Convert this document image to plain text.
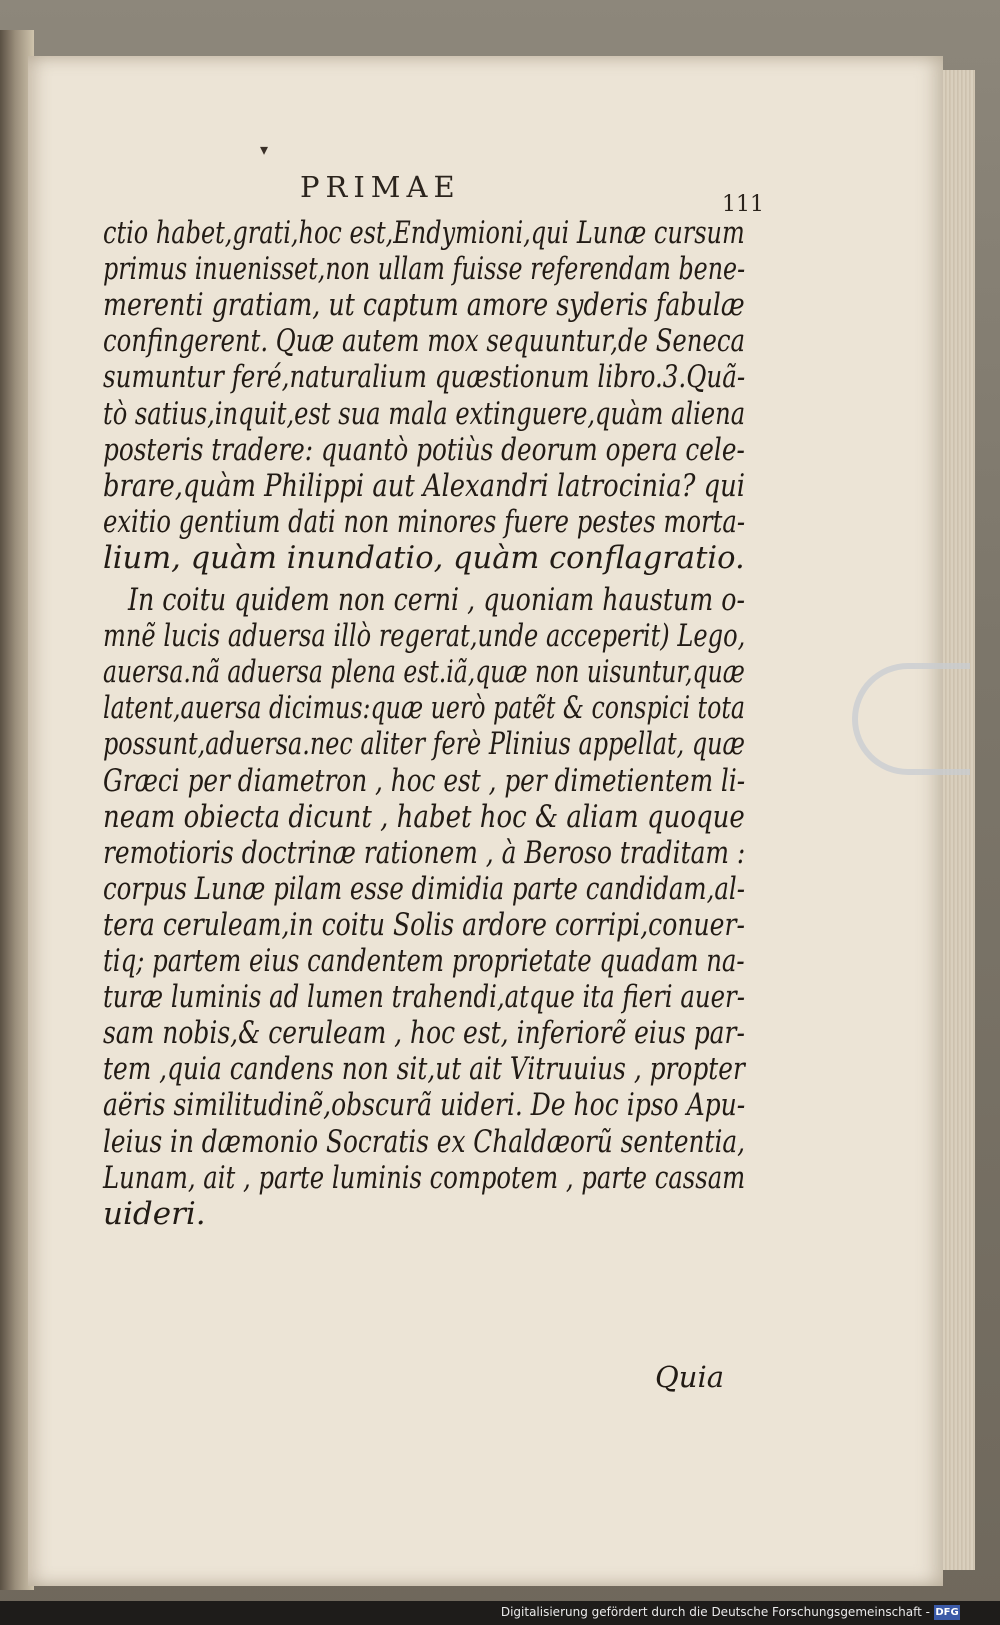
▾
PRIMAE
111
ctio habet,grati,hoc est,Endymioni,qui Lunæ cursum
primus inuenisset,non ullam fuisse referendam bene-
merenti gratiam, ut captum amore syderis fabulæ
confingerent. Quæ autem mox sequuntur,de Seneca
sumuntur feré,naturalium quæstionum libro.3.Quã-
tò satius,inquit,est sua mala extinguere,quàm aliena
posteris tradere: quantò potiùs deorum opera cele-
brare,quàm Philippi aut Alexandri latrocinia? qui
exitio gentium dati non minores fuere pestes morta-
lium, quàm inundatio, quàm conflagratio.
In coitu quidem non cerni , quoniam haustum o-
mnẽ lucis aduersa illò regerat,unde acceperit) Lego,
auersa.nã aduersa plena est.iã,quæ non uisuntur,quæ
latent,auersa dicimus:quæ uerò patẽt & conspici tota
possunt,aduersa.nec aliter ferè Plinius appellat, quæ
Græci per diametron , hoc est , per dimetientem li-
neam obiecta dicunt , habet hoc & aliam quoque
remotioris doctrinæ rationem , à Beroso traditam :
corpus Lunæ pilam esse dimidia parte candidam,al-
tera ceruleam,in coitu Solis ardore corripi,conuer-
tiq; partem eius candentem proprietate quadam na-
turæ luminis ad lumen trahendi,atque ita fieri auer-
sam nobis,& ceruleam , hoc est, inferiorẽ eius par-
tem ,quia candens non sit,ut ait Vitruuius , propter
aëris similitudinẽ,obscurã uideri. De hoc ipso Apu-
leius in dæmonio Socratis ex Chaldæorũ sententia,
Lunam, ait , parte luminis compotem , parte cassam
uideri.
Quia
Digitalisierung gefördert durch die Deutsche Forschungsgemeinschaft - DFG
